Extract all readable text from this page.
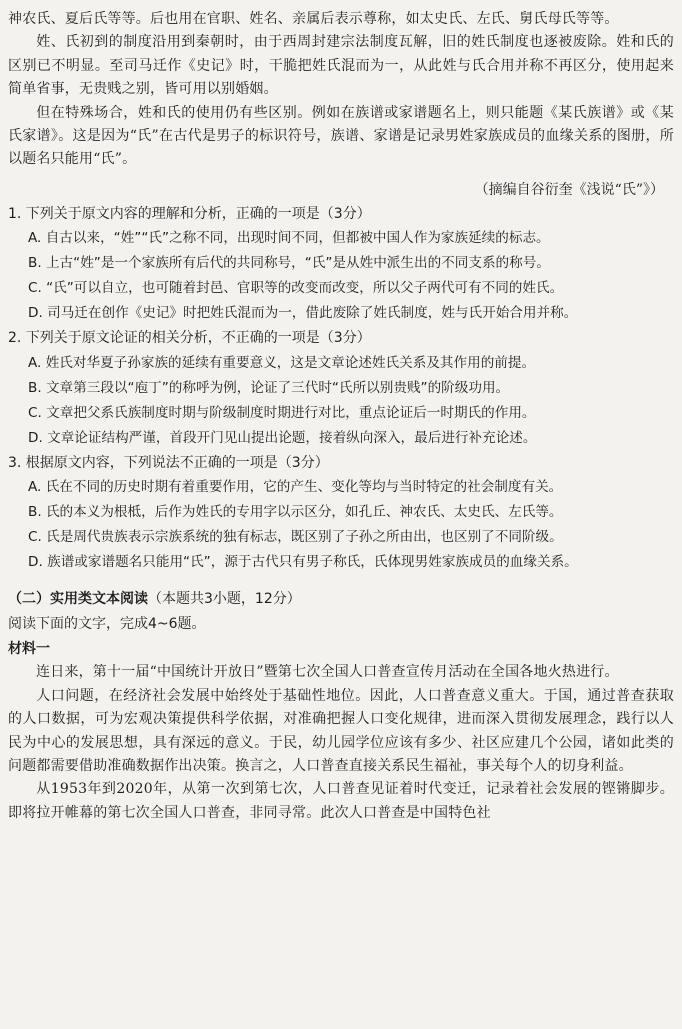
神农氏、夏后氏等等。后也用在官职、姓名、亲属后表示尊称，如太史氏、左氏、舅氏母氏等等。

姓、氏初到的制度沿用到秦朝时，由于西周封建宗法制度瓦解，旧的姓氏制度也逐被废除。姓和氏的区别已不明显。至司马迁作《史记》时，干脆把姓氏混而为一，从此姓与氏合用并称不再区分，使用起来简单省事，无贵贱之别，皆可用以别婚姻。

但在特殊场合，姓和氏的使用仍有些区别。例如在族谱或家谱题名上，则只能题《某氏族谱》或《某氏家谱》。这是因为“氏”在古代是男子的标识符号，族谱、家谱是记录男姓家族成员的血缘关系的图册，所以题名只能用“氏”。

（摘编自谷衍奎《浅说“氏”》）

1. 下列关于原文内容的理解和分析，正确的一项是（3分）

A. 自古以来，“姓”“氏”之称不同，出现时间不同，但都被中国人作为家族延续的标志。

B. 上古“姓”是一个家族所有后代的共同称号，“氏”是从姓中派生出的不同支系的称号。

C. “氏”可以自立，也可随着封邑、官职等的改变而改变，所以父子两代可有不同的姓氏。

D. 司马迁在创作《史记》时把姓氏混而为一，借此废除了姓氏制度，姓与氏开始合用并称。

2. 下列关于原文论证的相关分析，不正确的一项是（3分）

A. 姓氏对华夏子孙家族的延续有重要意义，这是文章论述姓氏关系及其作用的前提。

B. 文章第三段以“庖丁”的称呼为例，论证了三代时“氏所以别贵贱”的阶级功用。

C. 文章把父系氏族制度时期与阶级制度时期进行对比，重点论证后一时期氏的作用。

D. 文章论证结构严谨，首段开门见山提出论题，接着纵向深入，最后进行补充论述。

3. 根据原文内容，下列说法不正确的一项是（3分）

A. 氏在不同的历史时期有着重要作用，它的产生、变化等均与当时特定的社会制度有关。

B. 氏的本义为根柢，后作为姓氏的专用字以示区分，如孔丘、神农氏、太史氏、左氏等。

C. 氏是周代贵族表示宗族系统的独有标志，既区别了子孙之所由出，也区别了不同阶级。

D. 族谱或家谱题名只能用“氏”，源于古代只有男子称氏，氏体现男姓家族成员的血缘关系。

（二）实用类文本阅读（本题共3小题，12分）

阅读下面的文字，完成4~6题。

材料一

连日来，第十一届“中国统计开放日”暨第七次全国人口普查宣传月活动在全国各地火热进行。

人口问题，在经济社会发展中始终处于基础性地位。因此，人口普查意义重大。于国，通过普查获取的人口数据，可为宏观决策提供科学依据，对准确把握人口变化规律，进而深入贯彻发展理念，践行以人民为中心的发展思想，具有深远的意义。于民，幼儿园学位应该有多少、社区应建几个公园，诸如此类的问题都需要借助准确数据作出决策。换言之，人口普查直接关系民生福祉，事关每个人的切身利益。

从1953年到2020年，从第一次到第七次，人口普查见证着时代变迁，记录着社会发展的铿锵脚步。即将拉开帷幕的第七次全国人口普查，非同寻常。此次人口普查是中国特色社
